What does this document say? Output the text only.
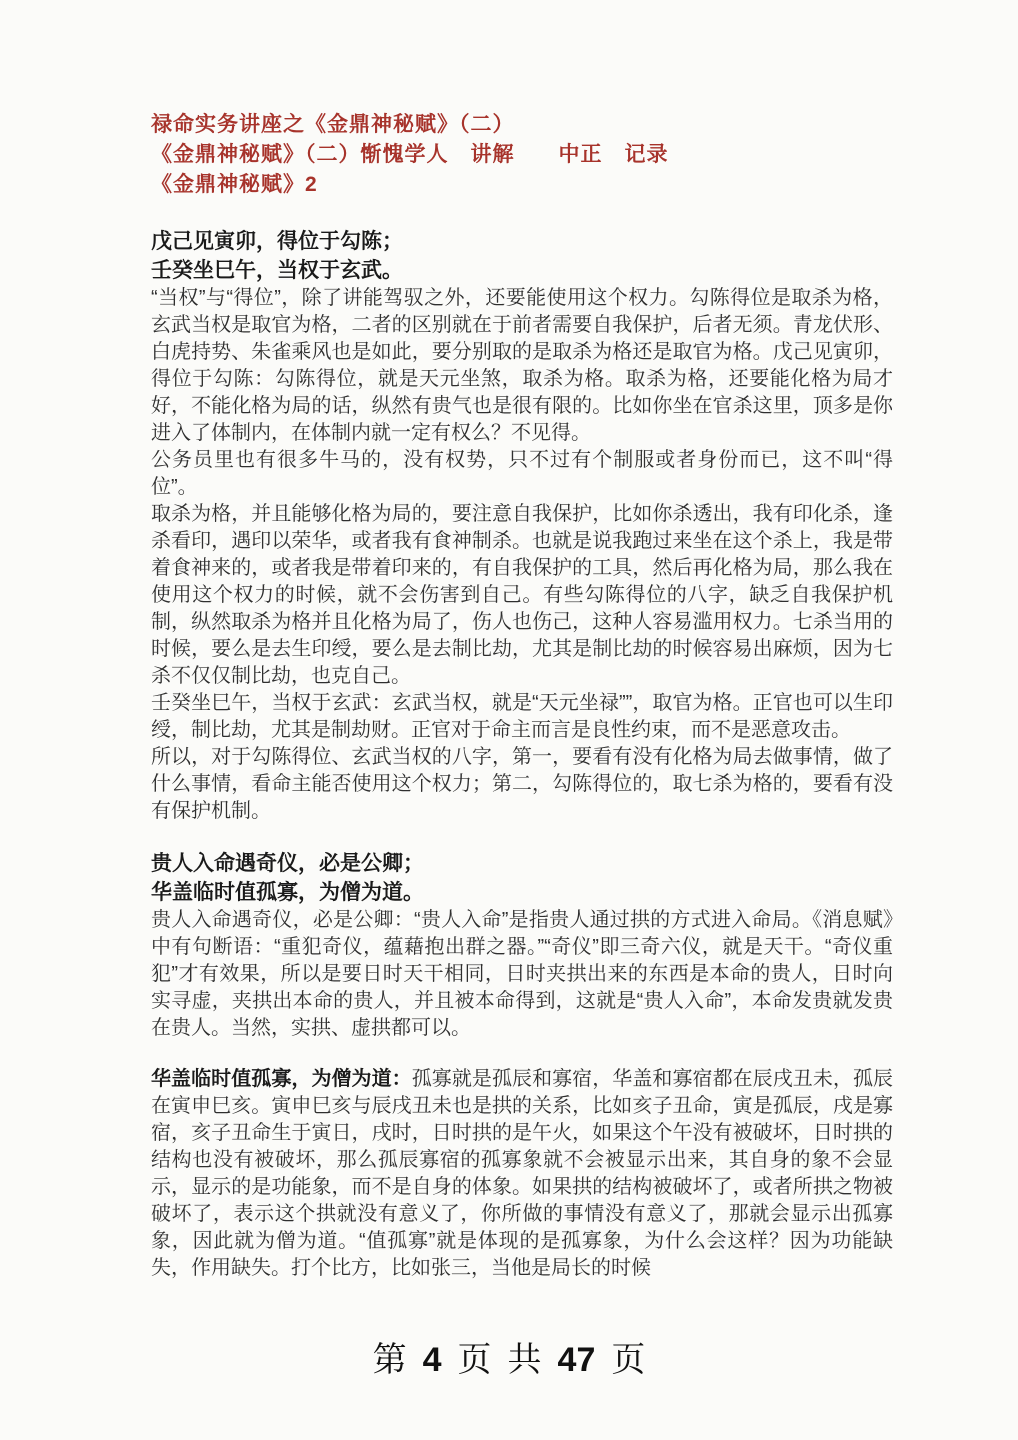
禄命实务讲座之《金鼎神秘赋》（二）
《金鼎神秘赋》（二）惭愧学人　讲解　　中正　记录
《金鼎神秘赋》2
戊己见寅卯，得位于勾陈；
壬癸坐巳午，当权于玄武。

“当权”与“得位”，除了讲能驾驭之外，还要能使用这个权力。勾陈得位是取杀为格，玄武当权是取官为格，二者的区别就在于前者需要自我保护，后者无须。青龙伏形、白虎持势、朱雀乘风也是如此，要分别取的是取杀为格还是取官为格。戊己见寅卯，得位于勾陈：勾陈得位，就是天元坐煞，取杀为格。取杀为格，还要能化格为局才好，不能化格为局的话，纵然有贵气也是很有限的。比如你坐在官杀这里，顶多是你进入了体制内，在体制内就一定有权么？不见得。

公务员里也有很多牛马的，没有权势，只不过有个制服或者身份而已，这不叫“得位”。

取杀为格，并且能够化格为局的，要注意自我保护，比如你杀透出，我有印化杀，逢杀看印，遇印以荣华，或者我有食神制杀。也就是说我跑过来坐在这个杀上，我是带着食神来的，或者我是带着印来的，有自我保护的工具，然后再化格为局，那么我在使用这个权力的时候，就不会伤害到自己。有些勾陈得位的八字，缺乏自我保护机制，纵然取杀为格并且化格为局了，伤人也伤己，这种人容易滥用权力。七杀当用的时候，要么是去生印绶，要么是去制比劫，尤其是制比劫的时候容易出麻烦，因为七杀不仅仅制比劫，也克自己。

壬癸坐巳午，当权于玄武：玄武当权，就是“天元坐禄””，取官为格。正官也可以生印绶，制比劫，尤其是制劫财。正官对于命主而言是良性约束，而不是恶意攻击。

所以，对于勾陈得位、玄武当权的八字，第一，要看有没有化格为局去做事情，做了什么事情，看命主能否使用这个权力；第二，勾陈得位的，取七杀为格的，要看有没有保护机制。

贵人入命遇奇仪，必是公卿；
华盖临时值孤寡，为僧为道。

贵人入命遇奇仪，必是公卿：“贵人入命”是指贵人通过拱的方式进入命局。《消息赋》中有句断语：“重犯奇仪，蕴藉抱出群之器。”“奇仪”即三奇六仪，就是天干。“奇仪重犯”才有效果，所以是要日时天干相同，日时夹拱出来的东西是本命的贵人，日时向实寻虚，夹拱出本命的贵人，并且被本命得到，这就是“贵人入命”，本命发贵就发贵在贵人。当然，实拱、虚拱都可以。

华盖临时值孤寡，为僧为道：孤寡就是孤辰和寡宿，华盖和寡宿都在辰戌丑未，孤辰在寅申巳亥。寅申巳亥与辰戌丑未也是拱的关系，比如亥子丑命，寅是孤辰，戌是寡宿，亥子丑命生于寅日，戌时，日时拱的是午火，如果这个午没有被破坏，日时拱的结构也没有被破坏，那么孤辰寡宿的孤寡象就不会被显示出来，其自身的象不会显示，显示的是功能象，而不是自身的体象。如果拱的结构被破坏了，或者所拱之物被破坏了，表示这个拱就没有意义了，你所做的事情没有意义了，那就会显示出孤寡象，因此就为僧为道。“值孤寡”就是体现的是孤寡象，为什么会这样？因为功能缺失，作用缺失。打个比方，比如张三，当他是局长的时候

第 4 页 共 47 页
